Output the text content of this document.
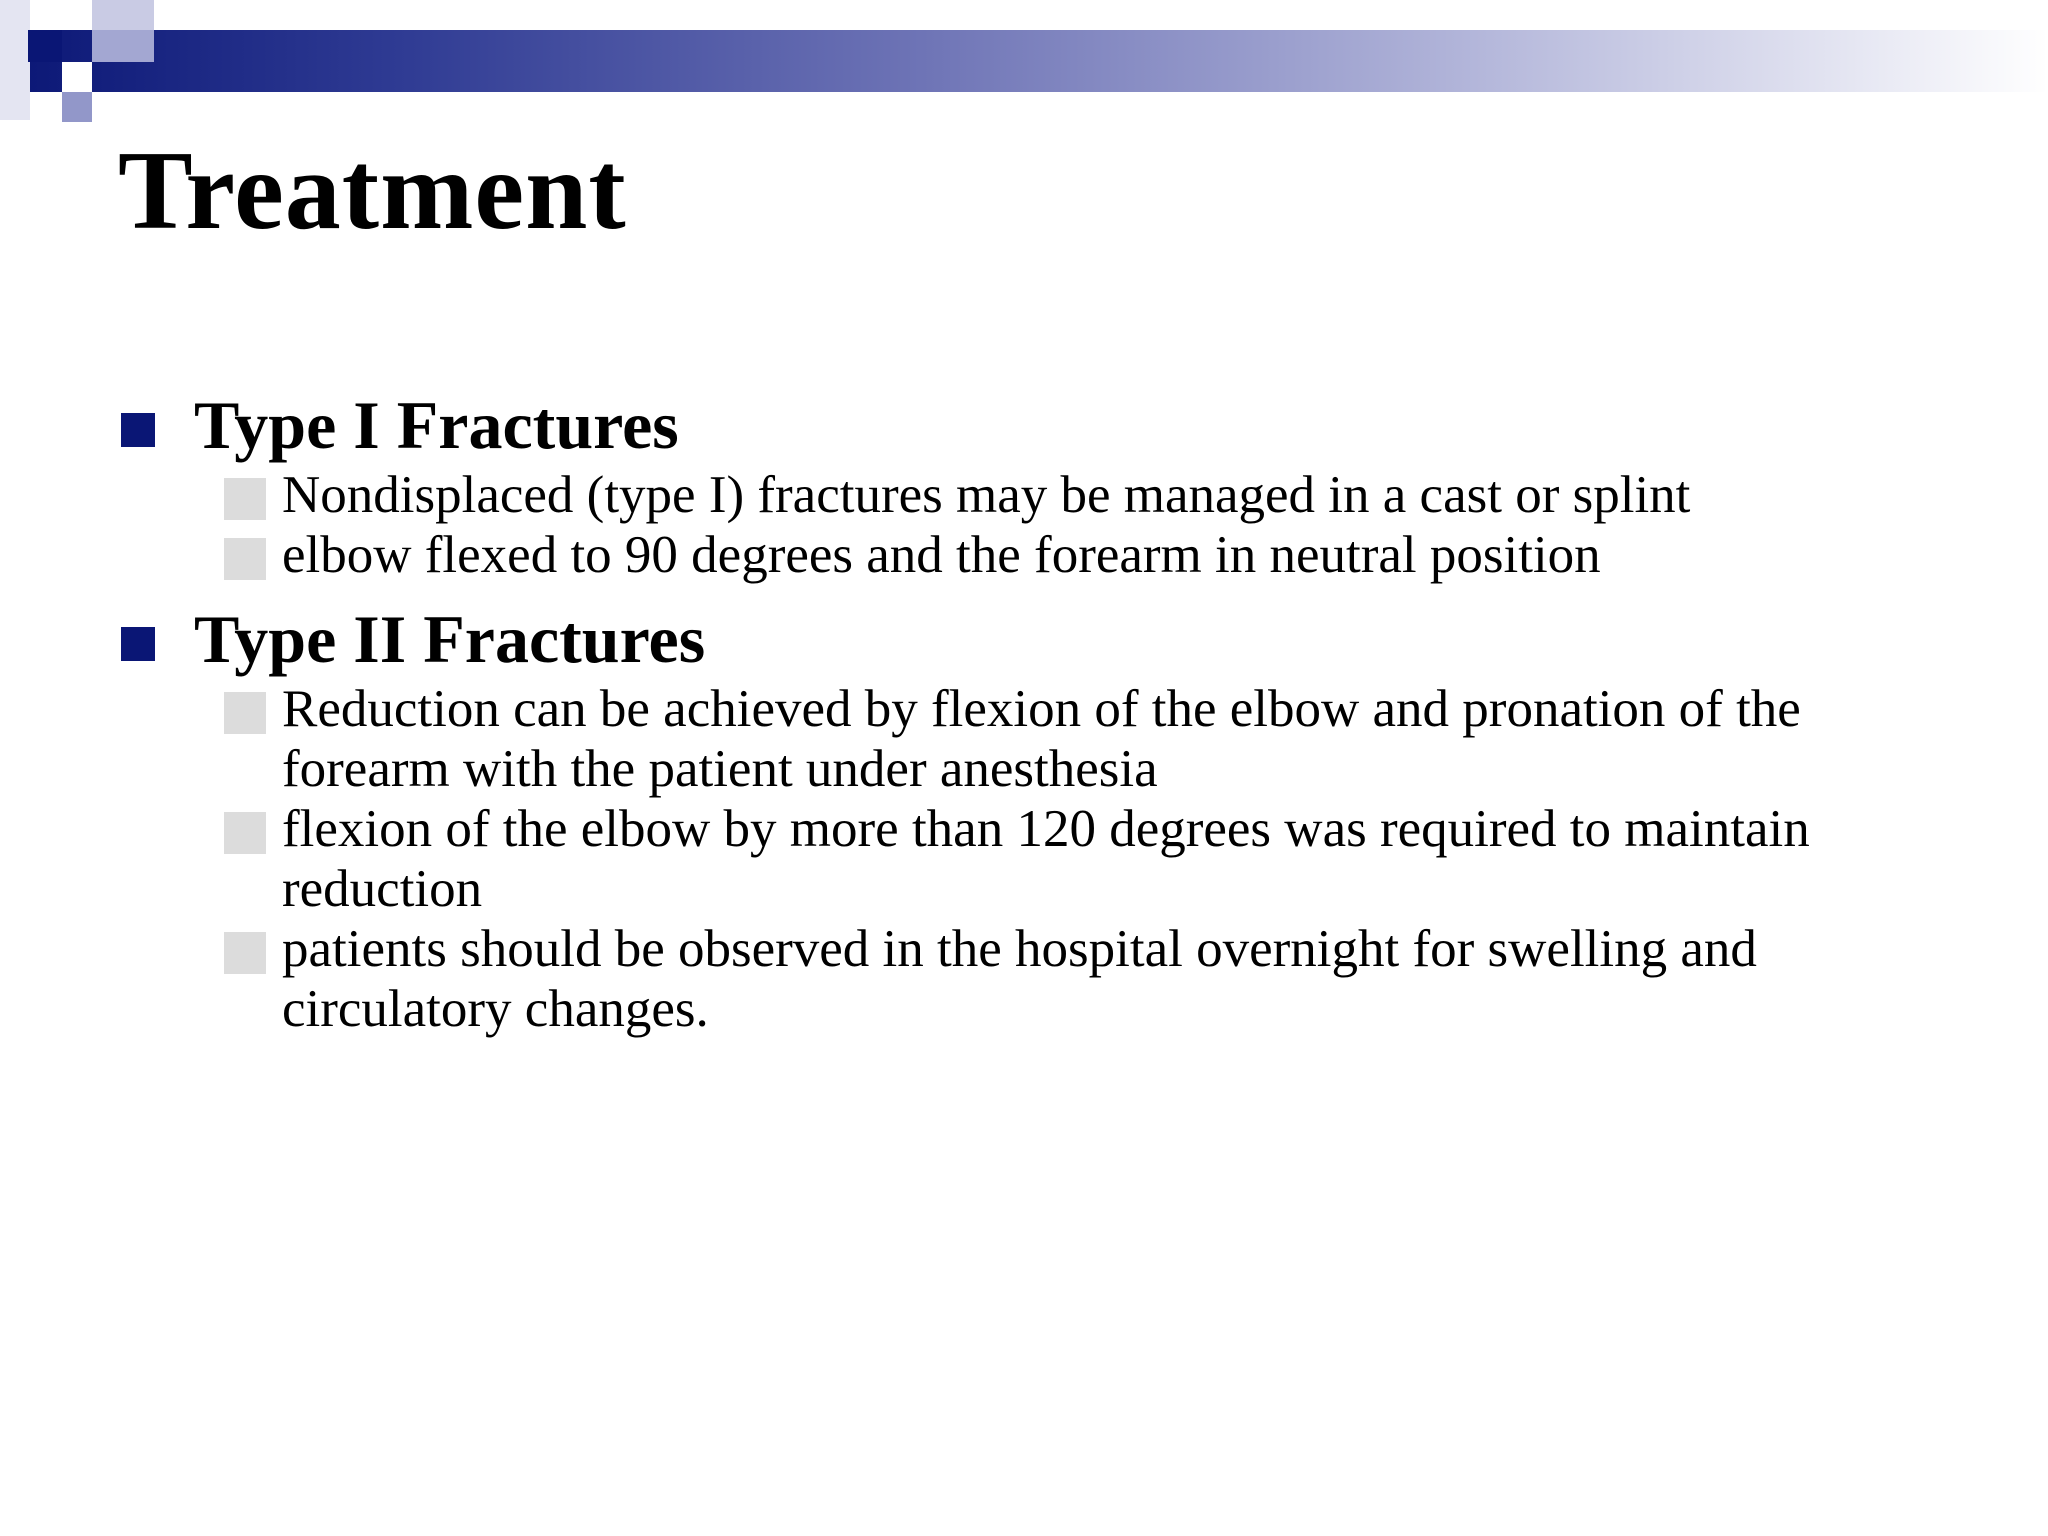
Treatment
Type I Fractures
Nondisplaced (type I) fractures may be managed in a cast or splint
elbow flexed to 90 degrees and the forearm in neutral position
Type II Fractures
Reduction can be achieved by flexion of the elbow and pronation of the forearm with the patient under anesthesia
flexion of the elbow by more than 120 degrees was required to maintain reduction
patients should be observed in the hospital overnight for swelling and circulatory changes.
